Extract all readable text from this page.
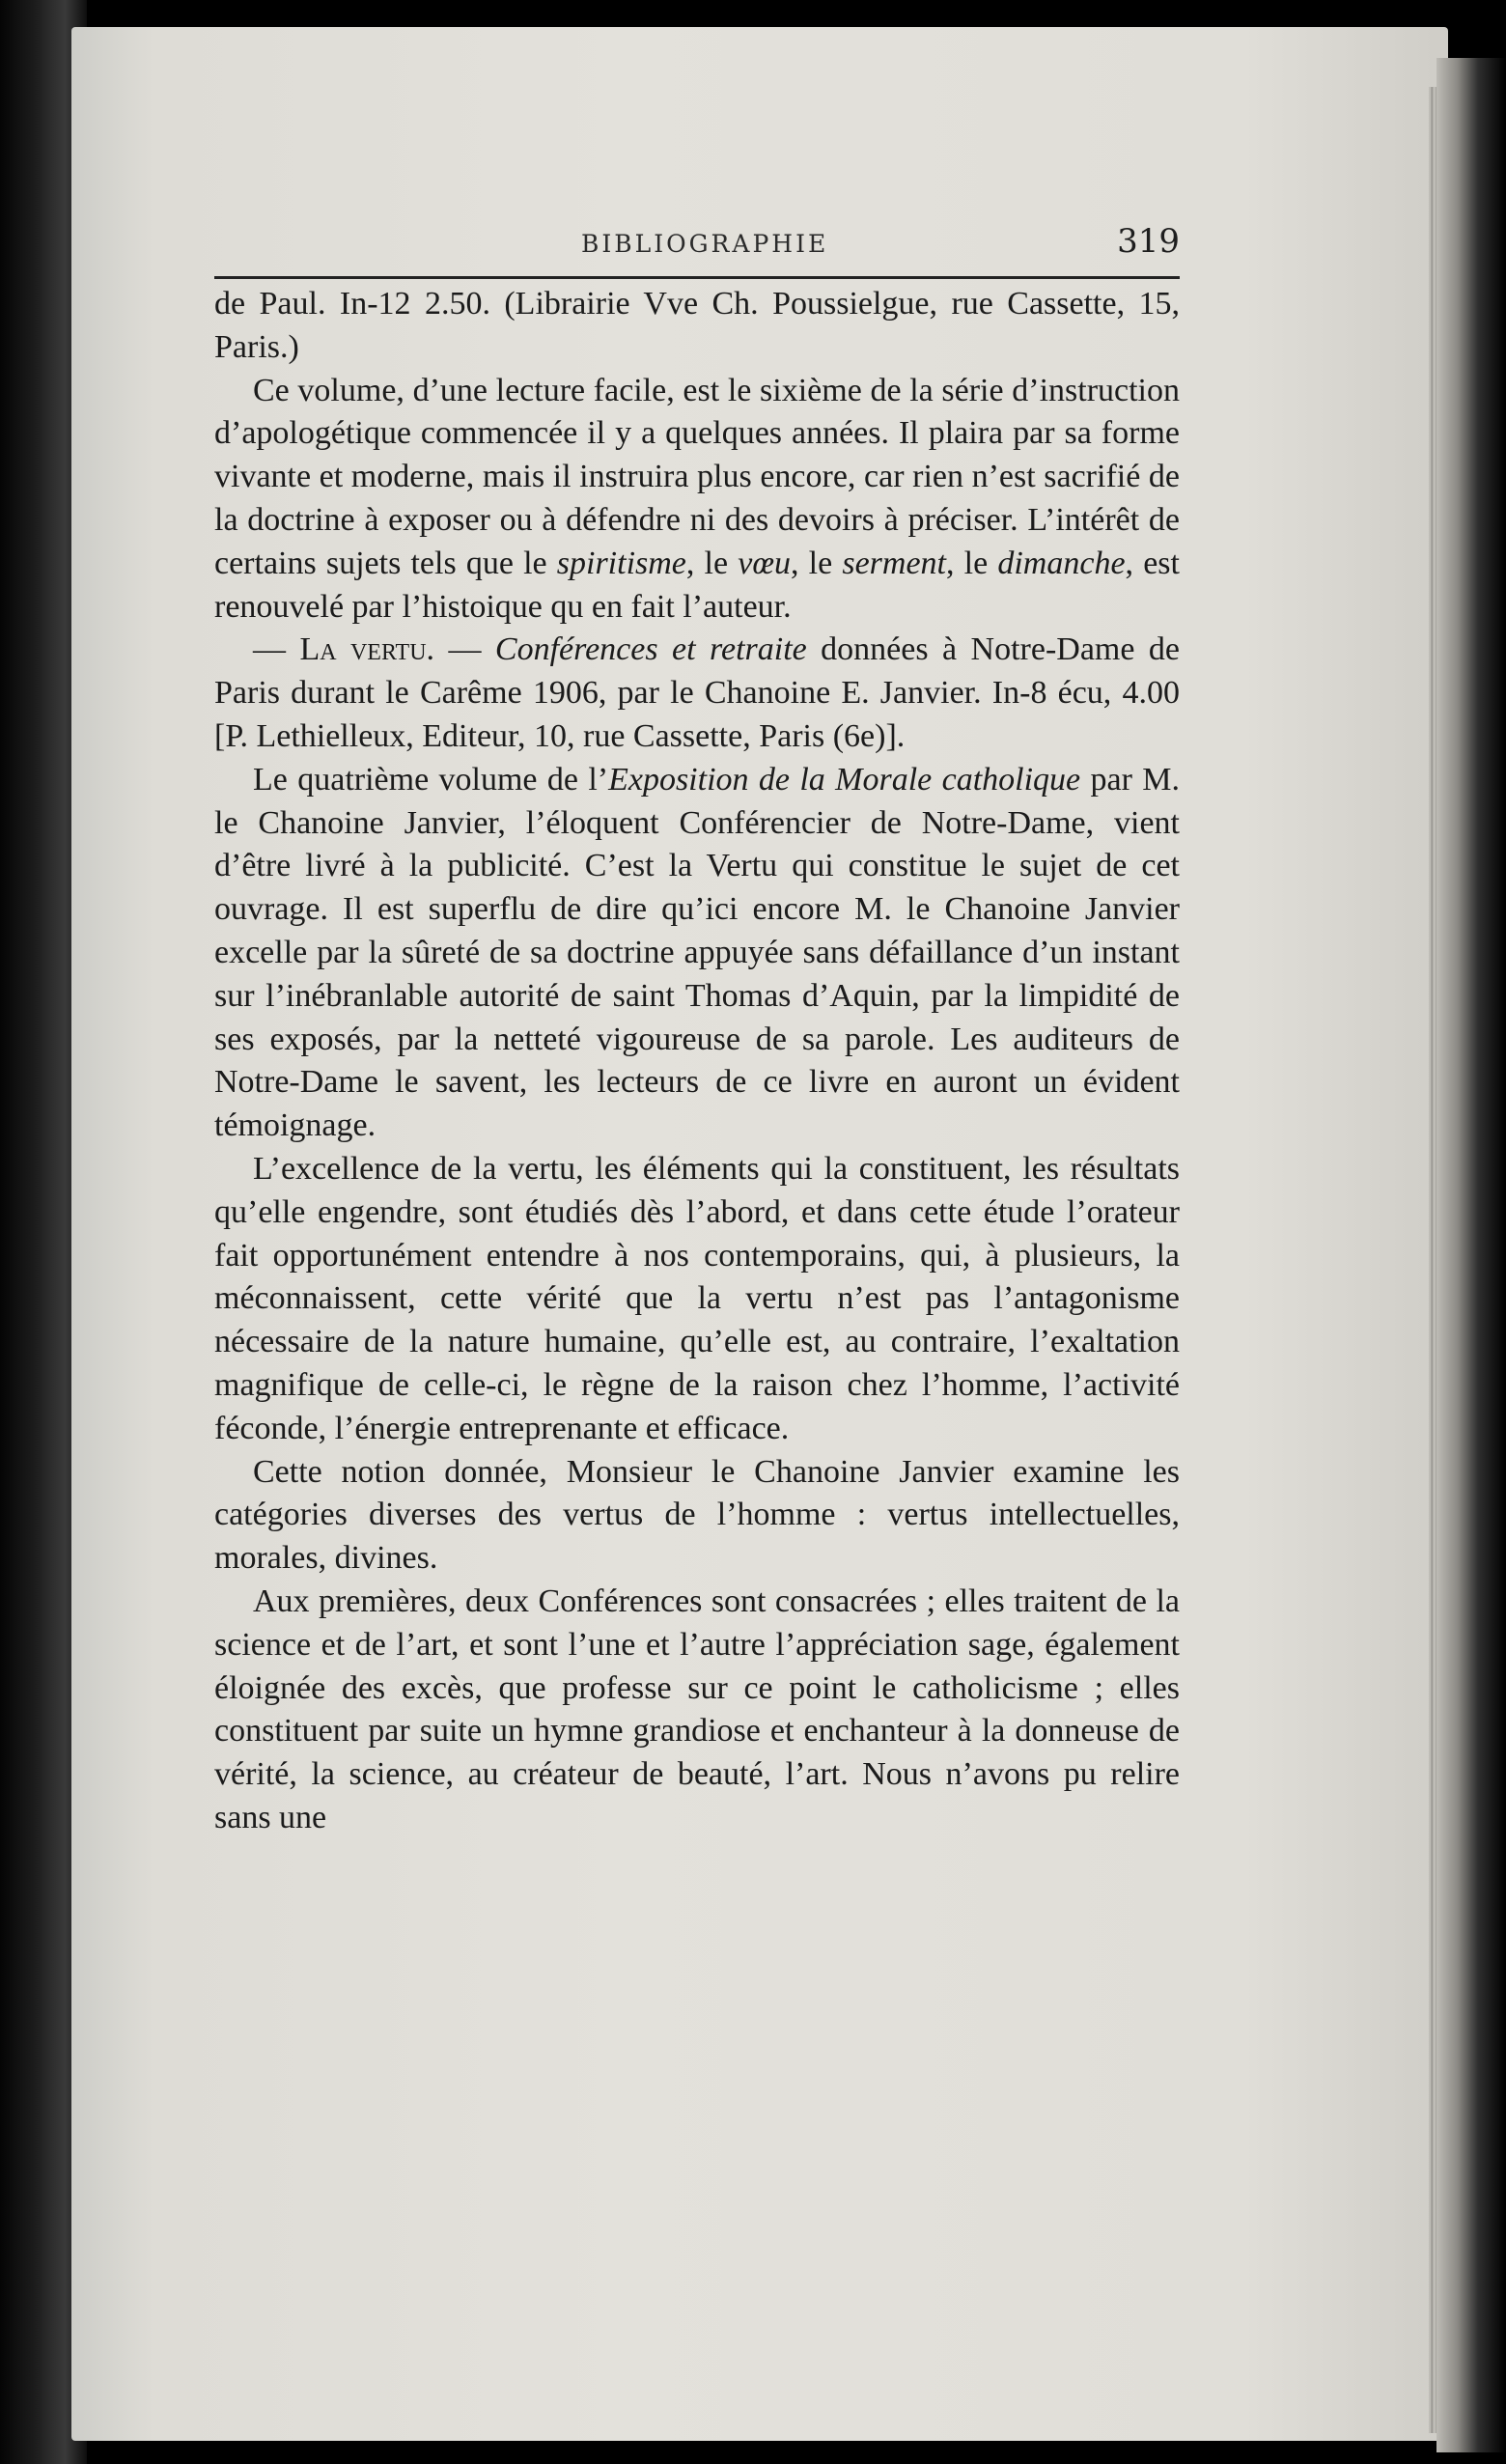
BIBLIOGRAPHIE	319

de Paul. In-12 2.50. (Librairie Vve Ch. Poussielgue, rue Cassette, 15, Paris.)

Ce volume, d’une lecture facile, est le sixième de la série d’instruction d’apologétique commencée il y a quelques années. Il plaira par sa forme vivante et moderne, mais il instruira plus encore, car rien n’est sacrifié de la doctrine à exposer ou à défendre ni des devoirs à préciser. L’intérêt de certains sujets tels que le spiritisme, le vœu, le serment, le dimanche, est renouvelé par l’histoique qu en fait l’auteur.

— La vertu. — Conférences et retraite données à Notre-Dame de Paris durant le Carême 1906, par le Chanoine E. Janvier. In-8 écu, 4.00 [P. Lethielleux, Editeur, 10, rue Cassette, Paris (6e)].

Le quatrième volume de l’Exposition de la Morale catholique par M. le Chanoine Janvier, l’éloquent Conférencier de Notre-Dame, vient d’être livré à la publicité. C’est la Vertu qui constitue le sujet de cet ouvrage. Il est superflu de dire qu’ici encore M. le Chanoine Janvier excelle par la sûreté de sa doctrine appuyée sans défaillance d’un instant sur l’inébranlable autorité de saint Thomas d’Aquin, par la limpidité de ses exposés, par la netteté vigoureuse de sa parole. Les auditeurs de Notre-Dame le savent, les lecteurs de ce livre en auront un évident témoignage.

L’excellence de la vertu, les éléments qui la constituent, les résultats qu’elle engendre, sont étudiés dès l’abord, et dans cette étude l’orateur fait opportunément entendre à nos contemporains, qui, à plusieurs, la méconnaissent, cette vérité que la vertu n’est pas l’antagonisme nécessaire de la nature humaine, qu’elle est, au contraire, l’exaltation magnifique de celle-ci, le règne de la raison chez l’homme, l’activité féconde, l’énergie entreprenante et efficace.

Cette notion donnée, Monsieur le Chanoine Janvier examine les catégories diverses des vertus de l’homme : vertus intellectuelles, morales, divines.

Aux premières, deux Conférences sont consacrées ; elles traitent de la science et de l’art, et sont l’une et l’autre l’appréciation sage, également éloignée des excès, que professe sur ce point le catholicisme ; elles constituent par suite un hymne grandiose et enchanteur à la donneuse de vérité, la science, au créateur de beauté, l’art. Nous n’avons pu relire sans une
